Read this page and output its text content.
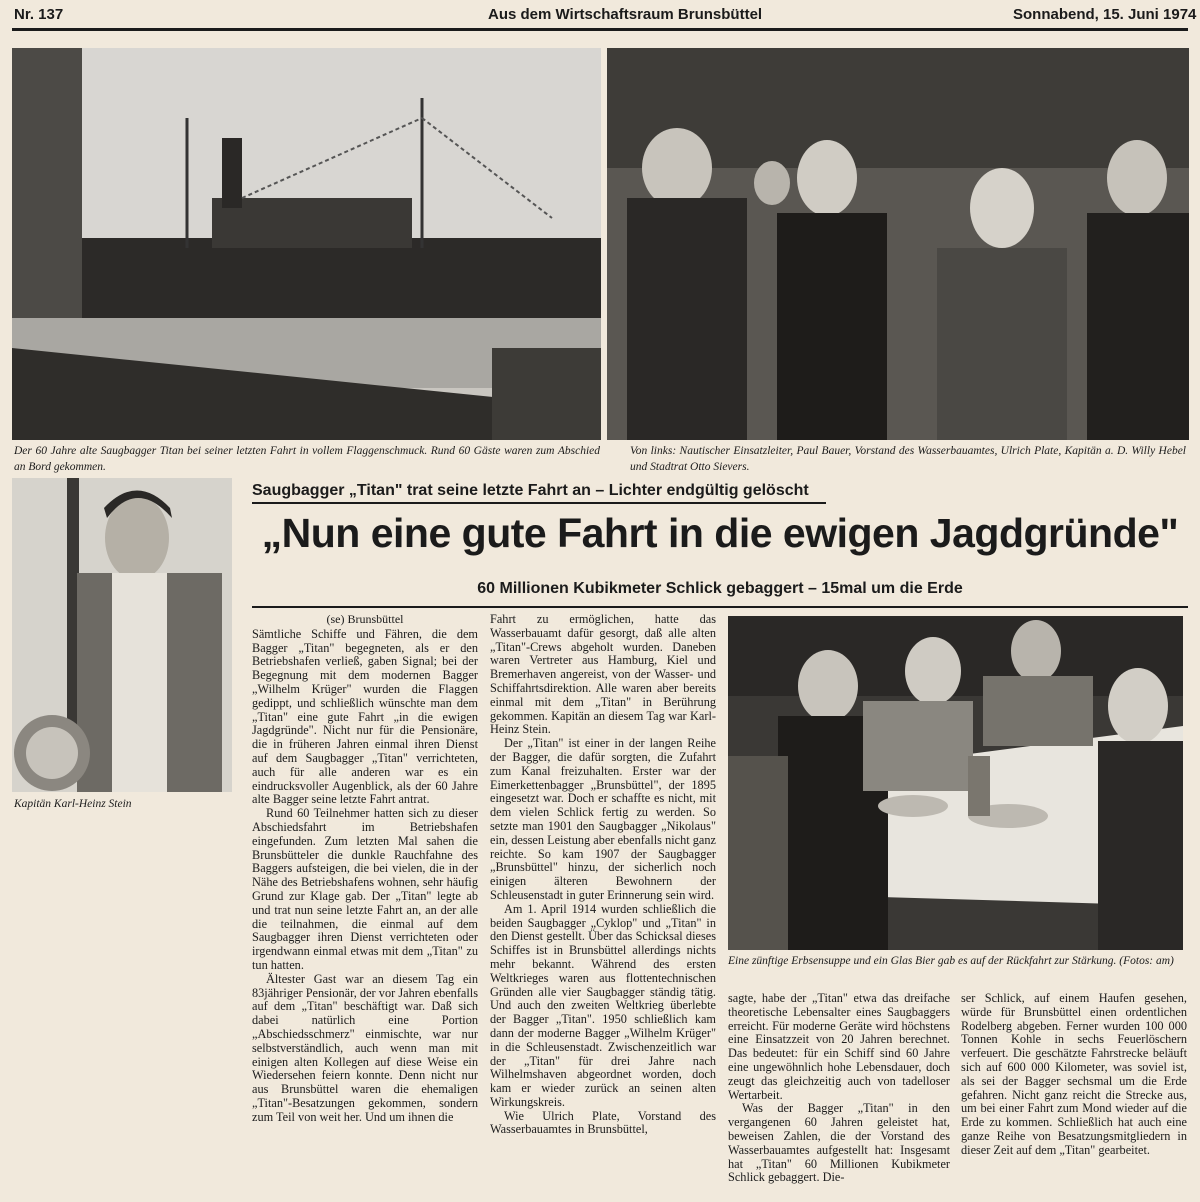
Nr. 137	Aus dem Wirtschaftsraum Brunsbüttel	Sonnabend, 15. Juni 1974
Der 60 Jahre alte Saugbagger Titan bei seiner letzten Fahrt in vollem Flaggenschmuck. Rund 60 Gäste waren zum Abschied an Bord gekommen.
Von links: Nautischer Einsatzleiter, Paul Bauer, Vorstand des Wasserbauamtes, Ulrich Plate, Kapitän a. D. Willy Hebel und Stadtrat Otto Sievers.
Kapitän Karl-Heinz Stein
Saugbagger „Titan" trat seine letzte Fahrt an – Lichter endgültig gelöscht
„Nun eine gute Fahrt in die ewigen Jagdgründe"
60 Millionen Kubikmeter Schlick gebaggert – 15mal um die Erde
(se) Brunsbüttel

Sämtliche Schiffe und Fähren, die dem Bagger „Titan" begegneten, als er den Betriebshafen verließ, gaben Signal; bei der Begegnung mit dem modernen Bagger „Wilhelm Krüger" wurden die Flaggen gedippt, und schließlich wünschte man dem „Titan" eine gute Fahrt „in die ewigen Jagdgründe". Nicht nur für die Pensionäre, die in früheren Jahren einmal ihren Dienst auf dem Saugbagger „Titan" verrichteten, auch für alle anderen war es ein eindrucksvoller Augenblick, als der 60 Jahre alte Bagger seine letzte Fahrt antrat.

Rund 60 Teilnehmer hatten sich zu dieser Abschiedsfahrt im Betriebshafen eingefunden. Zum letzten Mal sahen die Brunsbütteler die dunkle Rauchfahne des Baggers aufsteigen, die bei vielen, die in der Nähe des Betriebshafens wohnen, sehr häufig Grund zur Klage gab. Der „Titan" legte ab und trat nun seine letzte Fahrt an, an der alle die teilnahmen, die einmal auf dem Saugbagger ihren Dienst verrichteten oder irgendwann einmal etwas mit dem „Titan" zu tun hatten.

Ältester Gast war an diesem Tag ein 83jähriger Pensionär, der vor Jahren ebenfalls auf dem „Titan" beschäftigt war. Daß sich dabei natürlich eine Portion „Abschiedsschmerz" einmischte, war nur selbstverständlich, auch wenn man mit einigen alten Kollegen auf diese Weise ein Wiedersehen feiern konnte. Denn nicht nur aus Brunsbüttel waren die ehemaligen „Titan"-Besatzungen gekommen, sondern zum Teil von weit her. Und um ihnen die

Fahrt zu ermöglichen, hatte das Wasserbauamt dafür gesorgt, daß alle alten „Titan"-Crews abgeholt wurden. Daneben waren Vertreter aus Hamburg, Kiel und Bremerhaven angereist, von der Wasser- und Schiffahrtsdirektion. Alle waren aber bereits einmal mit dem „Titan" in Berührung gekommen. Kapitän an diesem Tag war Karl-Heinz Stein.

Der „Titan" ist einer in der langen Reihe der Bagger, die dafür sorgten, die Zufahrt zum Kanal freizuhalten. Erster war der Eimerkettenbagger „Brunsbüttel", der 1895 eingesetzt war. Doch er schaffte es nicht, mit dem vielen Schlick fertig zu werden. So setzte man 1901 den Saugbagger „Nikolaus" ein, dessen Leistung aber ebenfalls nicht ganz reichte. So kam 1907 der Saugbagger „Brunsbüttel" hinzu, der sicherlich noch einigen älteren Bewohnern der Schleusenstadt in guter Erinnerung sein wird.

Am 1. April 1914 wurden schließlich die beiden Saugbagger „Cyklop" und „Titan" in den Dienst gestellt. Über das Schicksal dieses Schiffes ist in Brunsbüttel allerdings nichts mehr bekannt. Während des ersten Weltkrieges waren aus flottentechnischen Gründen alle vier Saugbagger ständig tätig. Und auch den zweiten Weltkrieg überlebte der Bagger „Titan". 1950 schließlich kam dann der moderne Bagger „Wilhelm Krüger" in die Schleusenstadt. Zwischenzeitlich war der „Titan" für drei Jahre nach Wilhelmshaven abgeordnet worden, doch kam er wieder zurück an seinen alten Wirkungskreis.

Wie Ulrich Plate, Vorstand des Wasserbauamtes in Brunsbüttel,

Eine zünftige Erbsensuppe und ein Glas Bier gab es auf der Rückfahrt zur Stärkung. (Fotos: am)

sagte, habe der „Titan" etwa das dreifache theoretische Lebensalter eines Saugbaggers erreicht. Für moderne Geräte wird höchstens eine Einsatzzeit von 20 Jahren berechnet. Das bedeutet: für ein Schiff sind 60 Jahre eine ungewöhnlich hohe Lebensdauer, doch zeugt das gleichzeitig auch von tadelloser Wertarbeit.

Was der Bagger „Titan" in den vergangenen 60 Jahren geleistet hat, beweisen Zahlen, die der Vorstand des Wasserbauamtes aufgestellt hat: Insgesamt hat „Titan" 60 Millionen Kubikmeter Schlick gebaggert. Die-

ser Schlick, auf einem Haufen gesehen, würde für Brunsbüttel einen ordentlichen Rodelberg abgeben. Ferner wurden 100 000 Tonnen Kohle in sechs Feuerlöschern verfeuert. Die geschätzte Fahrstrecke beläuft sich auf 600 000 Kilometer, was soviel ist, als sei der Bagger sechsmal um die Erde gefahren. Nicht ganz reicht die Strecke aus, um bei einer Fahrt zum Mond wieder auf die Erde zu kommen. Schließlich hat auch eine ganze Reihe von Besatzungsmitgliedern in dieser Zeit auf dem „Titan" gearbeitet.
